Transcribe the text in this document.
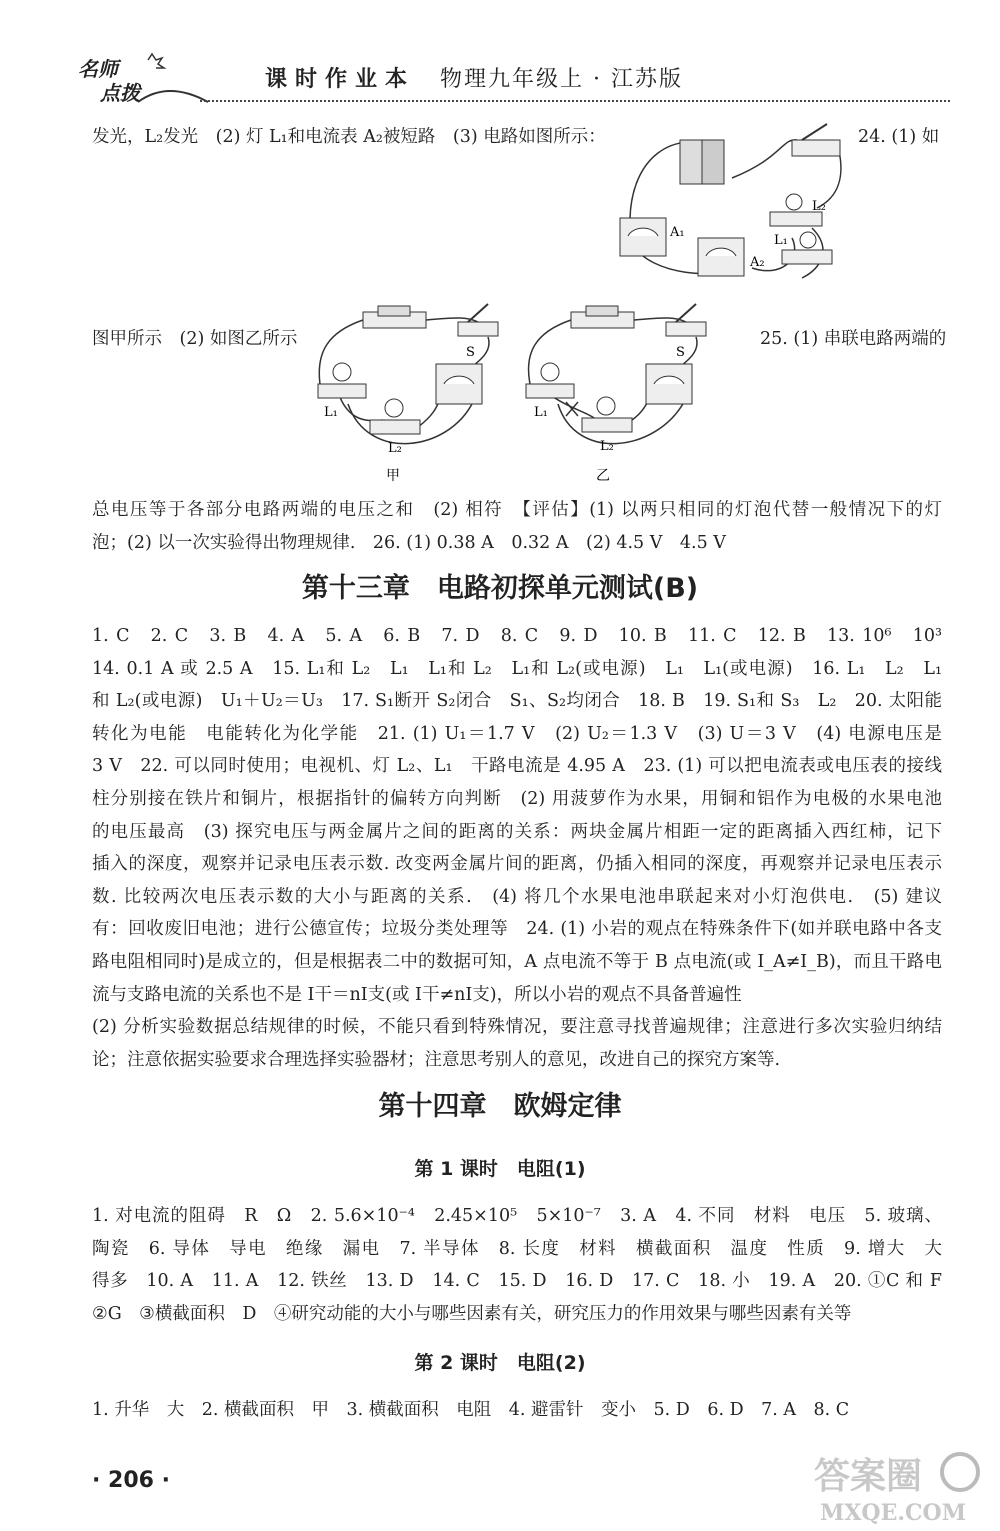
名师
点拨
课时作业本 物理九年级上 · 江苏版
发光，L₂发光　(2) 灯 L₁和电流表 A₂被短路　(3) 电路如图所示：	24. (1) 如
图甲所示　(2) 如图乙所示	25. (1) 串联电路两端的
A₁
A₂
L₂
L₁
S
L₁
L₂
甲
S
L₁
L₂
乙
总电压等于各部分电路两端的电压之和　(2) 相符　【评估】(1) 以两只相同的灯泡代替一般情况下的灯
泡；(2) 以一次实验得出物理规律.　26. (1) 0.38 A　0.32 A　(2) 4.5 V　4.5 V
第十三章　电路初探单元测试(B)
1. C　2. C　3. B　4. A　5. A　6. B　7. D　8. C　9. D　10. B　11. C　12. B　13. 10⁶　10³
14. 0.1 A 或 2.5 A　15. L₁和 L₂　L₁　L₁和 L₂　L₁和 L₂(或电源)　L₁　L₁(或电源)　16. L₁　L₂　L₁
和 L₂(或电源)　U₁＋U₂＝U₃　17. S₁断开 S₂闭合　S₁、S₂均闭合　18. B　19. S₁和 S₃　L₂　20. 太阳能
转化为电能　电能转化为化学能　21. (1) U₁＝1.7 V　(2) U₂＝1.3 V　(3) U＝3 V　(4) 电源电压是
3 V　22. 可以同时使用；电视机、灯 L₂、L₁　干路电流是 4.95 A　23. (1) 可以把电流表或电压表的接线
柱分别接在铁片和铜片，根据指针的偏转方向判断　(2) 用菠萝作为水果，用铜和铝作为电极的水果电池
的电压最高　(3) 探究电压与两金属片之间的距离的关系：两块金属片相距一定的距离插入西红柿，记下
插入的深度，观察并记录电压表示数. 改变两金属片间的距离，仍插入相同的深度，再观察并记录电压表示
数. 比较两次电压表示数的大小与距离的关系.　(4) 将几个水果电池串联起来对小灯泡供电.　(5) 建议
有：回收废旧电池；进行公德宣传；垃圾分类处理等　24. (1) 小岩的观点在特殊条件下(如并联电路中各支
路电阻相同时)是成立的，但是根据表二中的数据可知，A 点电流不等于 B 点电流(或 I_A≠I_B)，而且干路电
流与支路电流的关系也不是 I干＝nI支(或 I干≠nI支)，所以小岩的观点不具备普遍性
(2) 分析实验数据总结规律的时候，不能只看到特殊情况，要注意寻找普遍规律；注意进行多次实验归纳结
论；注意依据实验要求合理选择实验器材；注意思考别人的意见，改进自己的探究方案等.
第十四章　欧姆定律
第 1 课时　电阻(1)
1. 对电流的阻碍　R　Ω　2. 5.6×10⁻⁴　2.45×10⁵　5×10⁻⁷　3. A　4. 不同　材料　电压　5. 玻璃、
陶瓷　6. 导体　导电　绝缘　漏电　7. 半导体　8. 长度　材料　横截面积　温度　性质　9. 增大　大
得多　10. A　11. A　12. 铁丝　13. D　14. C　15. D　16. D　17. C　18. 小　19. A　20. ①C 和 F
②G　③横截面积　D　④研究动能的大小与哪些因素有关，研究压力的作用效果与哪些因素有关等
第 2 课时　电阻(2)
1. 升华　大　2. 横截面积　甲　3. 横截面积　电阻　4. 避雷针　变小　5. D　6. D　7. A　8. C
· 206 ·	答案圈
MXQE.COM
